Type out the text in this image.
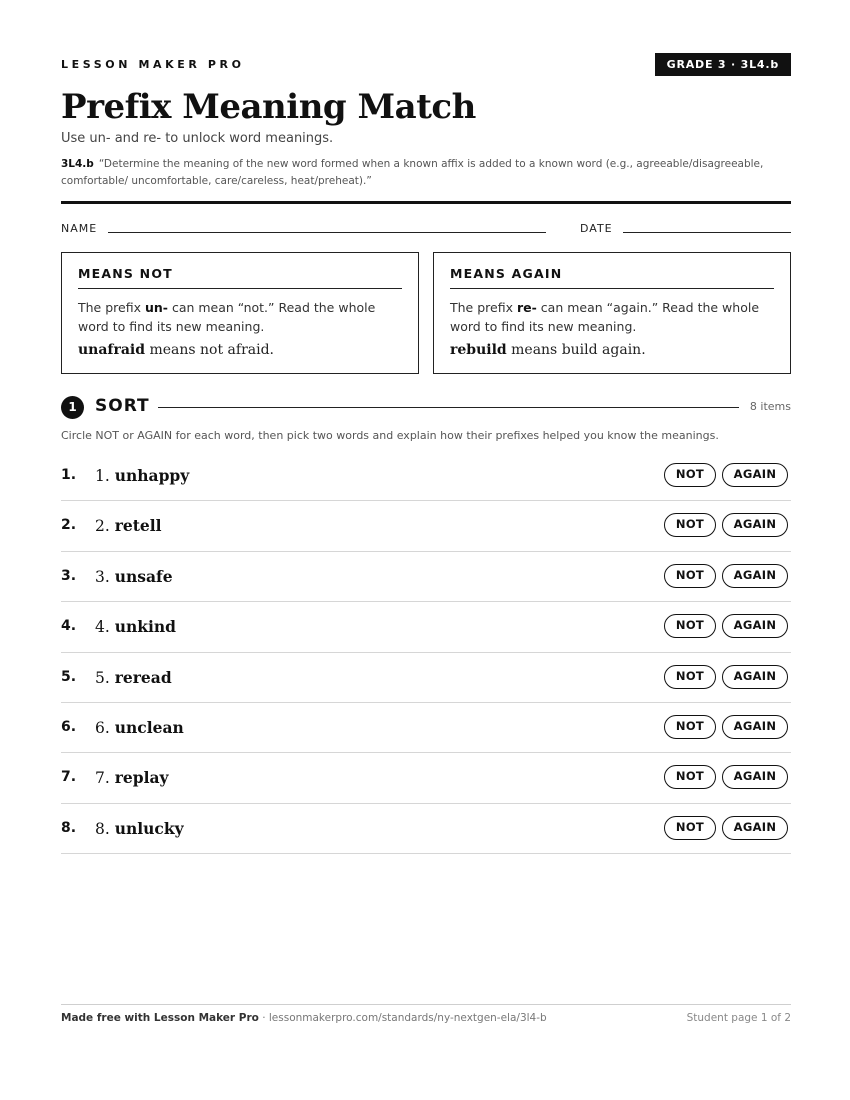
LESSON MAKER PRO	GRADE 3 · 3L4.b
Prefix Meaning Match
Use un- and re- to unlock word meanings.
3L4.b “Determine the meaning of the new word formed when a known affix is added to a known word (e.g., agreeable/disagreeable, comfortable/ uncomfortable, care/careless, heat/preheat).”
NAME	DATE
MEANS NOT
The prefix un- can mean “not.” Read the whole word to find its new meaning.
unafraid means not afraid.
MEANS AGAIN
The prefix re- can mean “again.” Read the whole word to find its new meaning.
rebuild means build again.
1	SORT	8 items
Circle NOT or AGAIN for each word, then pick two words and explain how their prefixes helped you know the meanings.
1. 1. unhappy	NOT	AGAIN
2. 2. retell	NOT	AGAIN
3. 3. unsafe	NOT	AGAIN
4. 4. unkind	NOT	AGAIN
5. 5. reread	NOT	AGAIN
6. 6. unclean	NOT	AGAIN
7. 7. replay	NOT	AGAIN
8. 8. unlucky	NOT	AGAIN
Made free with Lesson Maker Pro · lessonmakerpro.com/standards/ny-nextgen-ela/3l4-b	Student page 1 of 2
